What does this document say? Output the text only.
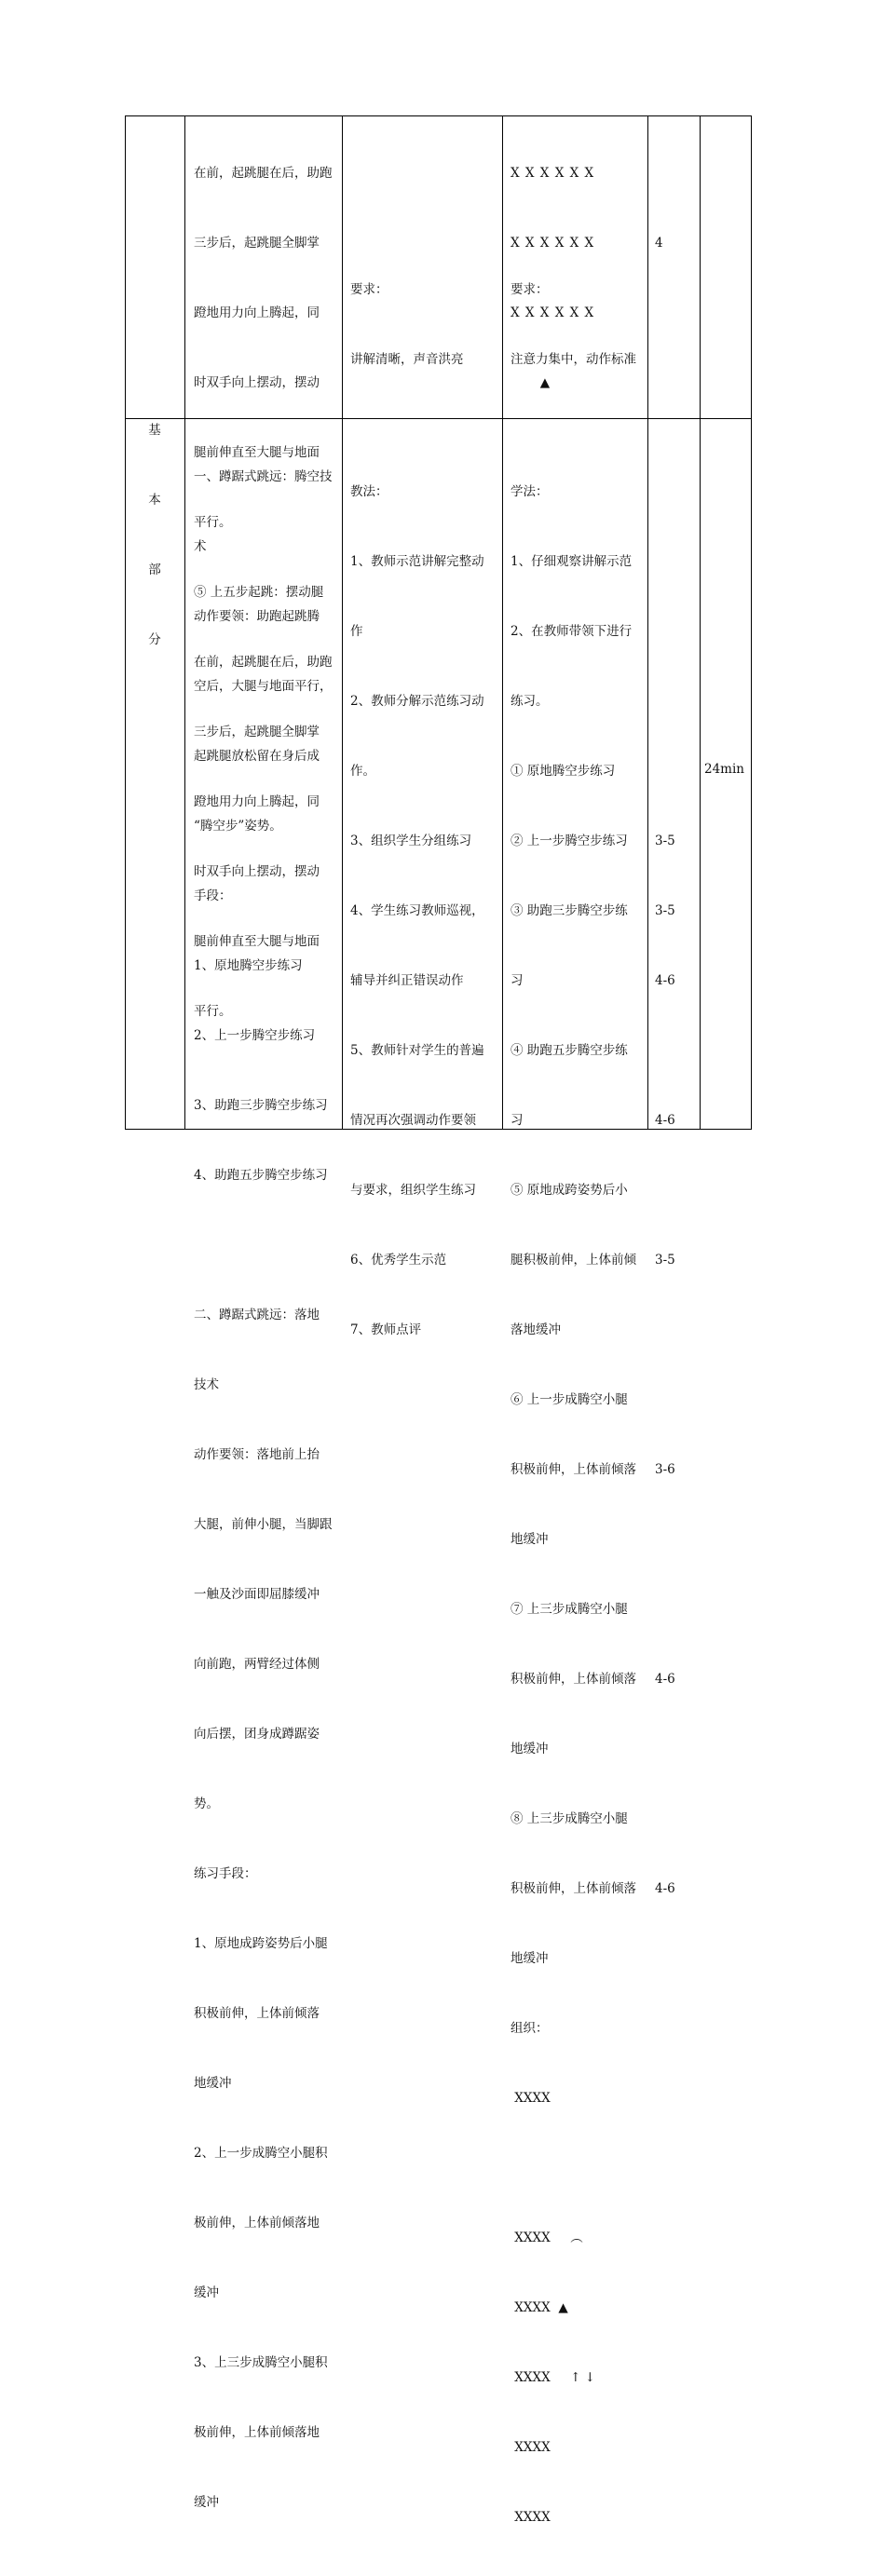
在前，起跳腿在后，助跑

三步后，起跳腿全脚掌

蹬地用力向上腾起，同

时双手向上摆动，摆动

腿前伸直至大腿与地面

平行。

⑤ 上五步起跳：摆动腿

在前，起跳腿在后，助跑

三步后，起跳腿全脚掌

蹬地用力向上腾起，同

时双手向上摆动，摆动

腿前伸直至大腿与地面

平行。

要求：

讲解清晰，声音洪亮

X X X X X X

X X X X X X

X X X X X X

▲

要求：

注意力集中，动作标准

4
基
本
部
分

一、蹲踞式跳远：腾空技

术

动作要领：助跑起跳腾

空后，大腿与地面平行，

起跳腿放松留在身后成

“腾空步”姿势。

手段：

1、原地腾空步练习

2、上一步腾空步练习

3、助跑三步腾空步练习

4、助跑五步腾空步练习

二、蹲踞式跳远：落地

技术

动作要领：落地前上抬

大腿，前伸小腿，当脚跟

一触及沙面即屈膝缓冲

向前跑，两臂经过体侧

向后摆，团身成蹲踞姿

势。

练习手段：

1、原地成跨姿势后小腿

积极前伸，上体前倾落

地缓冲

2、上一步成腾空小腿积

极前伸，上体前倾落地

缓冲

3、上三步成腾空小腿积

极前伸，上体前倾落地

缓冲

教法：

1、教师示范讲解完整动

作

2、教师分解示范练习动

作。

3、组织学生分组练习

4、学生练习教师巡视，

辅导并纠正错误动作

5、教师针对学生的普遍

情况再次强调动作要领

与要求，组织学生练习

6、优秀学生示范

7、教师点评

学法：

1、仔细观察讲解示范

2、在教师带领下进行

练习。

① 原地腾空步练习

② 上一步腾空步练习

③ 助跑三步腾空步练

习

④ 助跑五步腾空步练

习

⑤ 原地成跨姿势后小

腿积极前伸，上体前倾

落地缓冲

⑥ 上一步成腾空小腿

积极前伸，上体前倾落

地缓冲

⑦ 上三步成腾空小腿

积极前伸，上体前倾落

地缓冲

⑧ 上三步成腾空小腿

积极前伸，上体前倾落

地缓冲

组织：

XXXX

XXXX     ︵

XXXX  ▲

XXXX     ↑ ↓

XXXX

XXXX

3-5

3-5

4-6

4-6

3-5

3-6

4-6

4-6

24min
